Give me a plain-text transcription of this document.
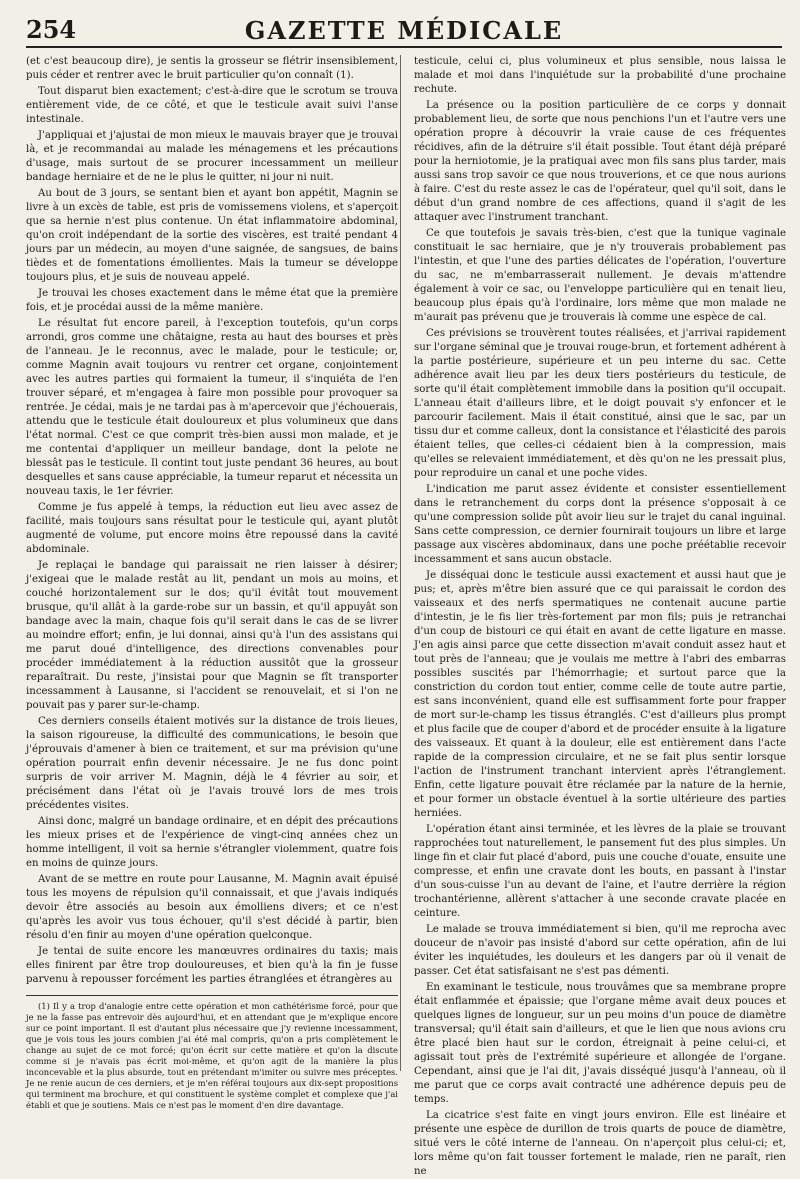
254	GAZETTE MÉDICALE

(et c'est beaucoup dire), je sentis la grosseur se flétrir insensiblement, puis céder et rentrer avec le bruit particulier qu'on connaît (1).

Tout disparut bien exactement; c'est-à-dire que le scrotum se trouva entièrement vide, de ce côté, et que le testicule avait suivi l'anse intestinale.

J'appliquai et j'ajustai de mon mieux le mauvais brayer que je trouvai là, et je recommandai au malade les ménagemens et les précautions d'usage, mais surtout de se procurer incessamment un meilleur bandage herniaire et de ne le plus le quitter, ni jour ni nuit.

Au bout de 3 jours, se sentant bien et ayant bon appétit, Magnin se livre à un excès de table, est pris de vomissemens violens, et s'aperçoit que sa hernie n'est plus contenue. Un état inflammatoire abdominal, qu'on croit indépendant de la sortie des viscères, est traité pendant 4 jours par un médecin, au moyen d'une saignée, de sangsues, de bains tièdes et de fomentations émollientes. Mais la tumeur se développe toujours plus, et je suis de nouveau appelé.

Je trouvai les choses exactement dans le même état que la première fois, et je procédai aussi de la même manière.

Le résultat fut encore pareil, à l'exception toutefois, qu'un corps arrondi, gros comme une châtaigne, resta au haut des bourses et près de l'anneau. Je le reconnus, avec le malade, pour le testicule; or, comme Magnin avait toujours vu rentrer cet organe, conjointement avec les autres parties qui formaient la tumeur, il s'inquiéta de l'en trouver séparé, et m'engagea à faire mon possible pour provoquer sa rentrée. Je cédai, mais je ne tardai pas à m'apercevoir que j'échouerais, attendu que le testicule était douloureux et plus volumineux que dans l'état normal. C'est ce que comprit très-bien aussi mon malade, et je me contentai d'appliquer un meilleur bandage, dont la pelote ne blessât pas le testicule. Il contint tout juste pendant 36 heures, au bout desquelles et sans cause appréciable, la tumeur reparut et nécessita un nouveau taxis, le 1er février.

Comme je fus appelé à temps, la réduction eut lieu avec assez de facilité, mais toujours sans résultat pour le testicule qui, ayant plutôt augmenté de volume, put encore moins être repoussé dans la cavité abdominale.

Je replaçai le bandage qui paraissait ne rien laisser à désirer; j'exigeai que le malade restât au lit, pendant un mois au moins, et couché horizontalement sur le dos; qu'il évitât tout mouvement brusque, qu'il allât à la garde-robe sur un bassin, et qu'il appuyât son bandage avec la main, chaque fois qu'il serait dans le cas de se livrer au moindre effort; enfin, je lui donnai, ainsi qu'à l'un des assistans qui me parut doué d'intelligence, des directions convenables pour procéder immédiatement à la réduction aussitôt que la grosseur reparaîtrait. Du reste, j'insistai pour que Magnin se fît transporter incessamment à Lausanne, si l'accident se renouvelait, et si l'on ne pouvait pas y parer sur-le-champ.

Ces derniers conseils étaient motivés sur la distance de trois lieues, la saison rigoureuse, la difficulté des communications, le besoin que j'éprouvais d'amener à bien ce traitement, et sur ma prévision qu'une opération pourrait enfin devenir nécessaire. Je ne fus donc point surpris de voir arriver M. Magnin, déjà le 4 février au soir, et précisément dans l'état où je l'avais trouvé lors de mes trois précédentes visites.

Ainsi donc, malgré un bandage ordinaire, et en dépit des précautions les mieux prises et de l'expérience de vingt-cinq années chez un homme intelligent, il voit sa hernie s'étrangler violemment, quatre fois en moins de quinze jours.

Avant de se mettre en route pour Lausanne, M. Magnin avait épuisé tous les moyens de répulsion qu'il connaissait, et que j'avais indiqués devoir être associés au besoin aux émolliens divers; et ce n'est qu'après les avoir vus tous échouer, qu'il s'est décidé à partir, bien résolu d'en finir au moyen d'une opération quelconque.

Je tentai de suite encore les manœuvres ordinaires du taxis; mais elles finirent par être trop douloureuses, et bien qu'à la fin je fusse parvenu à repousser forcément les parties étranglées et étrangères au

(1) Il y a trop d'analogie entre cette opération et mon cathétérisme forcé, pour que je ne la fasse pas entrevoir dès aujourd'hui, et en attendant que je m'explique encore sur ce point important. Il est d'autant plus nécessaire que j'y revienne incessamment, que je vois tous les jours combien j'ai été mal compris, qu'on a pris complètement le change au sujet de ce mot forcé; qu'on écrit sur cette matière et qu'on la discute comme si je n'avais pas écrit moi-même, et qu'on agit de la manière la plus inconcevable et la plus absurde, tout en prétendant m'imiter ou suivre mes préceptes. Je ne renie aucun de ces derniers, et je m'en référai toujours aux dix-sept propositions qui terminent ma brochure, et qui constituent le système complet et complexe que j'ai établi et que je soutiens. Mais ce n'est pas le moment d'en dire davantage.

testicule, celui ci, plus volumineux et plus sensible, nous laissa le malade et moi dans l'inquiétude sur la probabilité d'une prochaine rechute.

La présence ou la position particulière de ce corps y donnait probablement lieu, de sorte que nous penchions l'un et l'autre vers une opération propre à découvrir la vraie cause de ces fréquentes récidives, afin de la détruire s'il était possible. Tout étant déjà préparé pour la herniotomie, je la pratiquai avec mon fils sans plus tarder, mais aussi sans trop savoir ce que nous trouverions, et ce que nous aurions à faire. C'est du reste assez le cas de l'opérateur, quel qu'il soit, dans le début d'un grand nombre de ces affections, quand il s'agit de les attaquer avec l'instrument tranchant.

Ce que toutefois je savais très-bien, c'est que la tunique vaginale constituait le sac herniaire, que je n'y trouverais probablement pas l'intestin, et que l'une des parties délicates de l'opération, l'ouverture du sac, ne m'embarrasserait nullement. Je devais m'attendre également à voir ce sac, ou l'enveloppe particulière qui en tenait lieu, beaucoup plus épais qu'à l'ordinaire, lors même que mon malade ne m'aurait pas prévenu que je trouverais là comme une espèce de cal.

Ces prévisions se trouvèrent toutes réalisées, et j'arrivai rapidement sur l'organe séminal que je trouvai rouge-brun, et fortement adhérent à la partie postérieure, supérieure et un peu interne du sac. Cette adhérence avait lieu par les deux tiers postérieurs du testicule, de sorte qu'il était complètement immobile dans la position qu'il occupait. L'anneau était d'ailleurs libre, et le doigt pouvait s'y enfoncer et le parcourir facilement. Mais il était constitué, ainsi que le sac, par un tissu dur et comme calleux, dont la consistance et l'élasticité des parois étaient telles, que celles-ci cédaient bien à la compression, mais qu'elles se relevaient immédiatement, et dès qu'on ne les pressait plus, pour reproduire un canal et une poche vides.

L'indication me parut assez évidente et consister essentiellement dans le retranchement du corps dont la présence s'opposait à ce qu'une compression solide pût avoir lieu sur le trajet du canal inguinal. Sans cette compression, ce dernier fournirait toujours un libre et large passage aux viscères abdominaux, dans une poche préétablie recevoir incessamment et sans aucun obstacle.

Je disséquai donc le testicule aussi exactement et aussi haut que je pus; et, après m'être bien assuré que ce qui paraissait le cordon des vaisseaux et des nerfs spermatiques ne contenait aucune partie d'intestin, je le fis lier très-fortement par mon fils; puis je retranchai d'un coup de bistouri ce qui était en avant de cette ligature en masse. J'en agis ainsi parce que cette dissection m'avait conduit assez haut et tout près de l'anneau; que je voulais me mettre à l'abri des embarras possibles suscités par l'hémorrhagie; et surtout parce que la constriction du cordon tout entier, comme celle de toute autre partie, est sans inconvénient, quand elle est suffisamment forte pour frapper de mort sur-le-champ les tissus étranglés. C'est d'ailleurs plus prompt et plus facile que de couper d'abord et de procéder ensuite à la ligature des vaisseaux. Et quant à la douleur, elle est entièrement dans l'acte rapide de la compression circulaire, et ne se fait plus sentir lorsque l'action de l'instrument tranchant intervient après l'étranglement. Enfin, cette ligature pouvait être réclamée par la nature de la hernie, et pour former un obstacle éventuel à la sortie ultérieure des parties herniées.

L'opération étant ainsi terminée, et les lèvres de la plaie se trouvant rapprochées tout naturellement, le pansement fut des plus simples. Un linge fin et clair fut placé d'abord, puis une couche d'ouate, ensuite une compresse, et enfin une cravate dont les bouts, en passant à l'instar d'un sous-cuisse l'un au devant de l'aine, et l'autre derrière la région trochantérienne, allèrent s'attacher à une seconde cravate placée en ceinture.

Le malade se trouva immédiatement si bien, qu'il me reprocha avec douceur de n'avoir pas insisté d'abord sur cette opération, afin de lui éviter les inquiétudes, les douleurs et les dangers par où il venait de passer. Cet état satisfaisant ne s'est pas démenti.

En examinant le testicule, nous trouvâmes que sa membrane propre était enflammée et épaissie; que l'organe même avait deux pouces et quelques lignes de longueur, sur un peu moins d'un pouce de diamètre transversal; qu'il était sain d'ailleurs, et que le lien que nous avions cru être placé bien haut sur le cordon, étreignait à peine celui-ci, et agissait tout près de l'extrémité supérieure et allongée de l'organe. Cependant, ainsi que je l'ai dit, j'avais disséqué jusqu'à l'anneau, où il me parut que ce corps avait contracté une adhérence depuis peu de temps.

La cicatrice s'est faite en vingt jours environ. Elle est linéaire et présente une espèce de durillon de trois quarts de pouce de diamètre, situé vers le côté interne de l'anneau. On n'aperçoit plus celui-ci; et, lors même qu'on fait tousser fortement le malade, rien ne paraît, rien ne
